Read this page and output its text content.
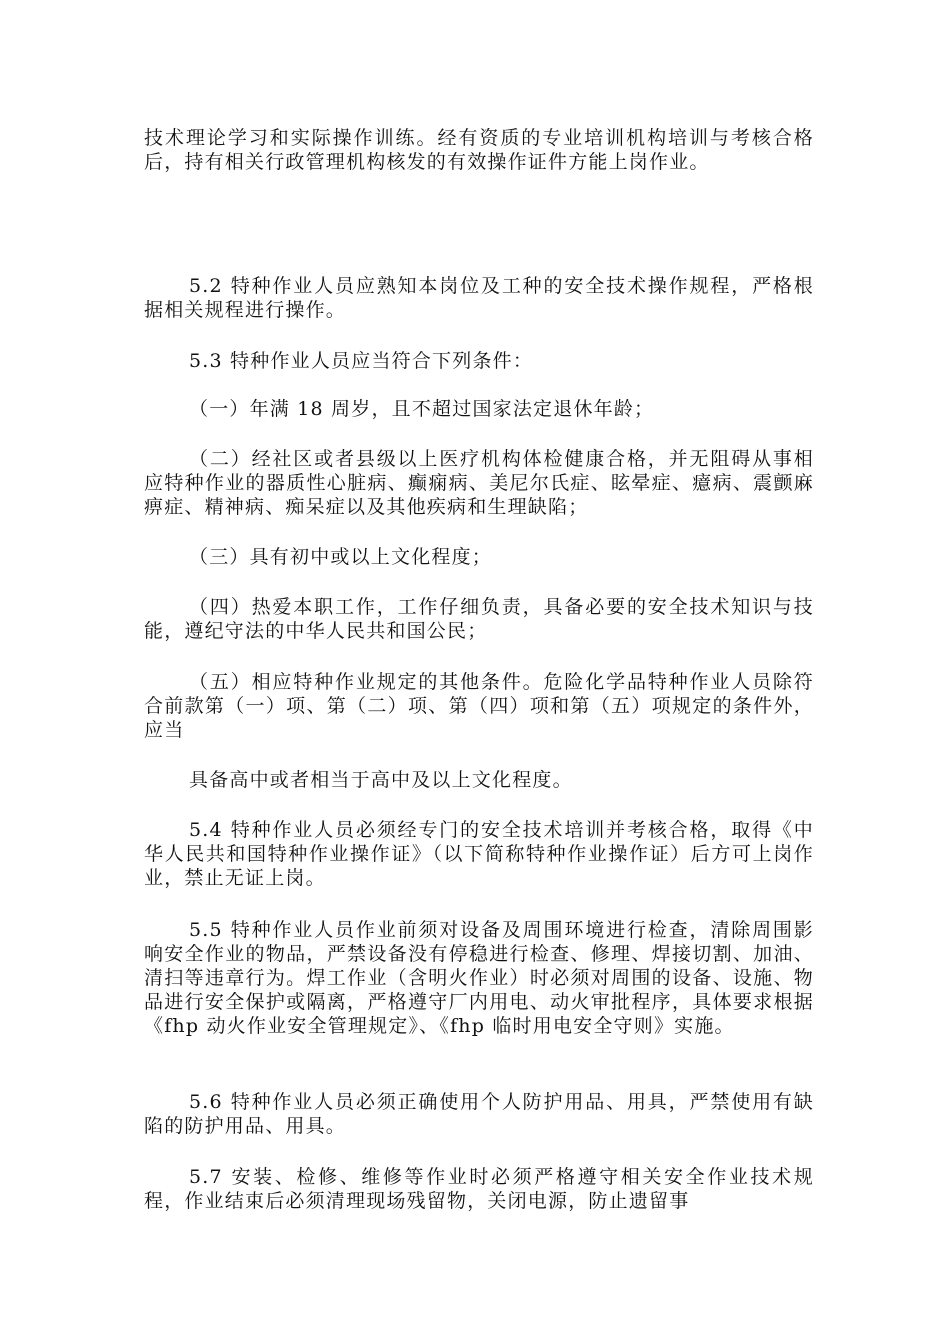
技术理论学习和实际操作训练。经有资质的专业培训机构培训与考核合格后，持有相关行政管理机构核发的有效操作证件方能上岗作业。

5.2 特种作业人员应熟知本岗位及工种的安全技术操作规程，严格根据相关规程进行操作。

5.3 特种作业人员应当符合下列条件：

（一）年满 18 周岁，且不超过国家法定退休年龄；

（二）经社区或者县级以上医疗机构体检健康合格，并无阻碍从事相应特种作业的器质性心脏病、癫痫病、美尼尔氏症、眩晕症、癔病、震颤麻痹症、精神病、痴呆症以及其他疾病和生理缺陷；

（三）具有初中或以上文化程度；

（四）热爱本职工作，工作仔细负责，具备必要的安全技术知识与技能，遵纪守法的中华人民共和国公民；

（五）相应特种作业规定的其他条件。危险化学品特种作业人员除符合前款第（一）项、第（二）项、第（四）项和第（五）项规定的条件外，应当

具备高中或者相当于高中及以上文化程度。

5.4 特种作业人员必须经专门的安全技术培训并考核合格，取得《中华人民共和国特种作业操作证》（以下简称特种作业操作证）后方可上岗作业，禁止无证上岗。

5.5 特种作业人员作业前须对设备及周围环境进行检查，清除周围影响安全作业的物品，严禁设备没有停稳进行检查、修理、焊接切割、加油、清扫等违章行为。焊工作业（含明火作业）时必须对周围的设备、设施、物品进行安全保护或隔离，严格遵守厂内用电、动火审批程序，具体要求根据《fhp 动火作业安全管理规定》、《fhp 临时用电安全守则》实施。

5.6 特种作业人员必须正确使用个人防护用品、用具，严禁使用有缺陷的防护用品、用具。

5.7 安装、检修、维修等作业时必须严格遵守相关安全作业技术规程，作业结束后必须清理现场残留物，关闭电源，防止遗留事
